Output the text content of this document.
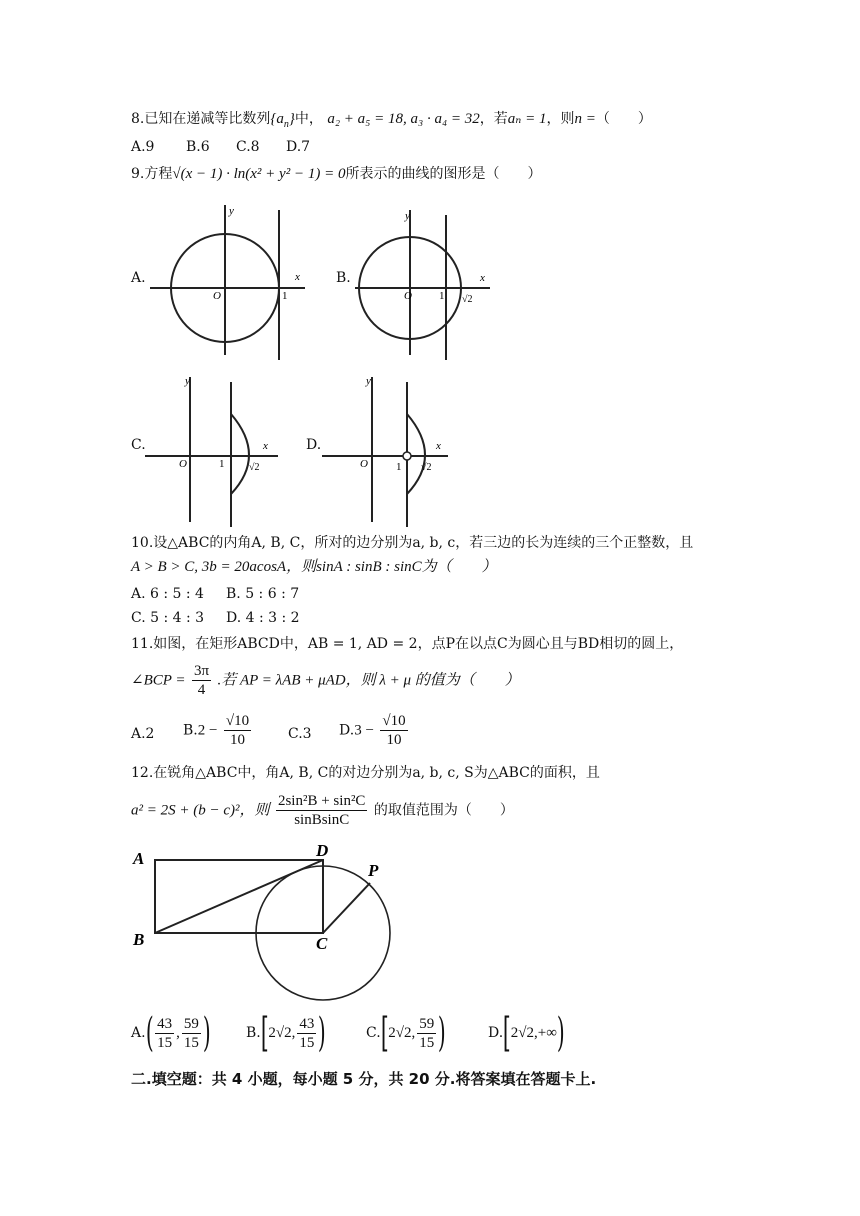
8.已知在递减等比数列$\{a_n\}$中， a₂ + a₅ = 18, a₃ · a₄ = 32，若aₙ = 1，则n =（　　）
A.9 B.6 C.8 D.7
9.方程√(x − 1) · ln(x² + y² − 1) = 0所表示的曲线的图形是（　　）
A.	x
y
O	1
B.	x
y
O 1 √2
C.	x
y
O	1 √2
D.	x
y
O	1 √2
10.设△ABC的内角A, B, C，所对的边分别为a, b, c，若三边的长为连续的三个正整数，且
A > B > C, 3b = 20acosA，则sinA : sinB : sinC为（　　）
A. 6 : 5 : 4 B. 5 : 6 : 7
C. 5 : 4 : 3 D. 4 : 3 : 2
11.如图，在矩形ABCD中，AB = 1, AD = 2，点P在以点C为圆心且与BD相切的圆上，
∠BCP = $\frac{3\pi}{4}$ .若 AP = λAB + μAD，则 λ + μ 的值为（　　）
A.2 $B.2 - \frac{√10}{10}$	C.3 $D.3 - \frac{√10}{10}$
12.在锐角△ABC中，角A, B, C的对边分别为a, b, c, S为△ABC的面积，且
a² = 2S + (b − c)²，则 $\frac{\text{2sin²B + sin²C}}{\text{sinBsinC}}$ 的取值范围为（　　）
A
B	C
D
P
$A.( \frac{43}{15}$ , $\frac{59}{15}$ )	B.[2√2, $\frac{43}{15}$ )	C.[2√2, $\frac{59}{15}$ )	D.[2√2,+∞)
二.填空题：共 4 小题，每小题 5 分，共 20 分.将答案填在答题卡上.
